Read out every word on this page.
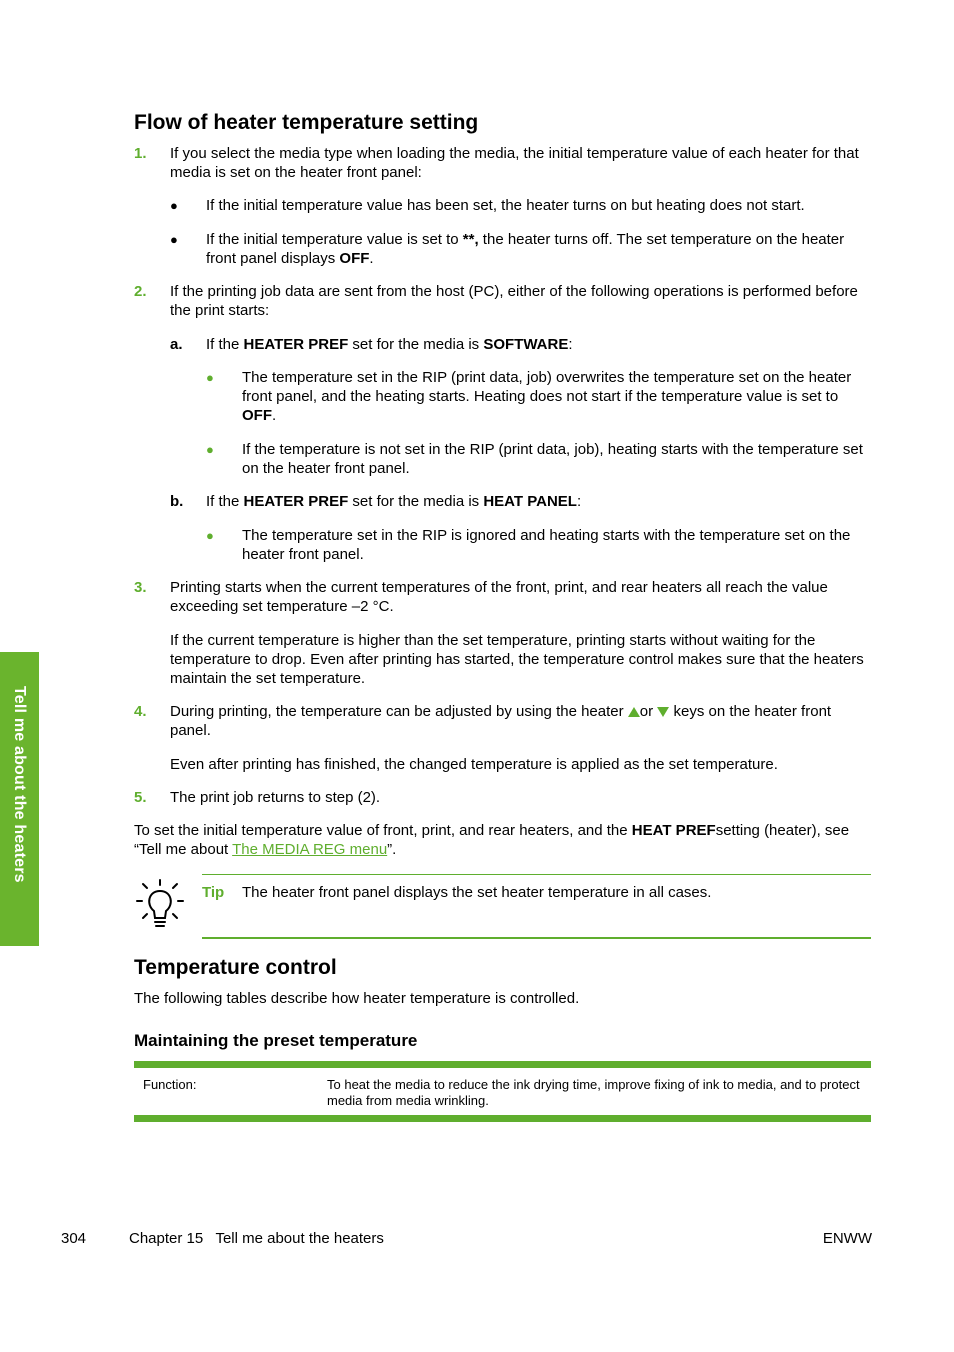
Tell me about the heaters
Flow of heater temperature setting
1. If you select the media type when loading the media, the initial temperature value of each heater for that media is set on the heater front panel:
● If the initial temperature value has been set, the heater turns on but heating does not start.
● If the initial temperature value is set to **, the heater turns off. The set temperature on the heater front panel displays OFF.
2. If the printing job data are sent from the host (PC), either of the following operations is performed before the print starts:
a. If the HEATER PREF set for the media is SOFTWARE:
● The temperature set in the RIP (print data, job) overwrites the temperature set on the heater front panel, and the heating starts. Heating does not start if the temperature value is set to OFF.
● If the temperature is not set in the RIP (print data, job), heating starts with the temperature set on the heater front panel.
b. If the HEATER PREF set for the media is HEAT PANEL:
● The temperature set in the RIP is ignored and heating starts with the temperature set on the heater front panel.
3. Printing starts when the current temperatures of the front, print, and rear heaters all reach the value exceeding set temperature –2 °C.
If the current temperature is higher than the set temperature, printing starts without waiting for the temperature to drop. Even after printing has started, the temperature control makes sure that the heaters maintain the set temperature.
4. During printing, the temperature can be adjusted by using the heater or  keys on the heater front panel.
Even after printing has finished, the changed temperature is applied as the set temperature.
5. The print job returns to step (2).
To set the initial temperature value of front, print, and rear heaters, and the HEAT PREFsetting (heater), see “Tell me about The MEDIA REG menu”.
Tip The heater front panel displays the set heater temperature in all cases.
Temperature control
The following tables describe how heater temperature is controlled.
Maintaining the preset temperature
Function:	To heat the media to reduce the ink drying time, improve fixing of ink to media, and to protect media from media wrinkling.
304	Chapter 15   Tell me about the heaters	ENWW
